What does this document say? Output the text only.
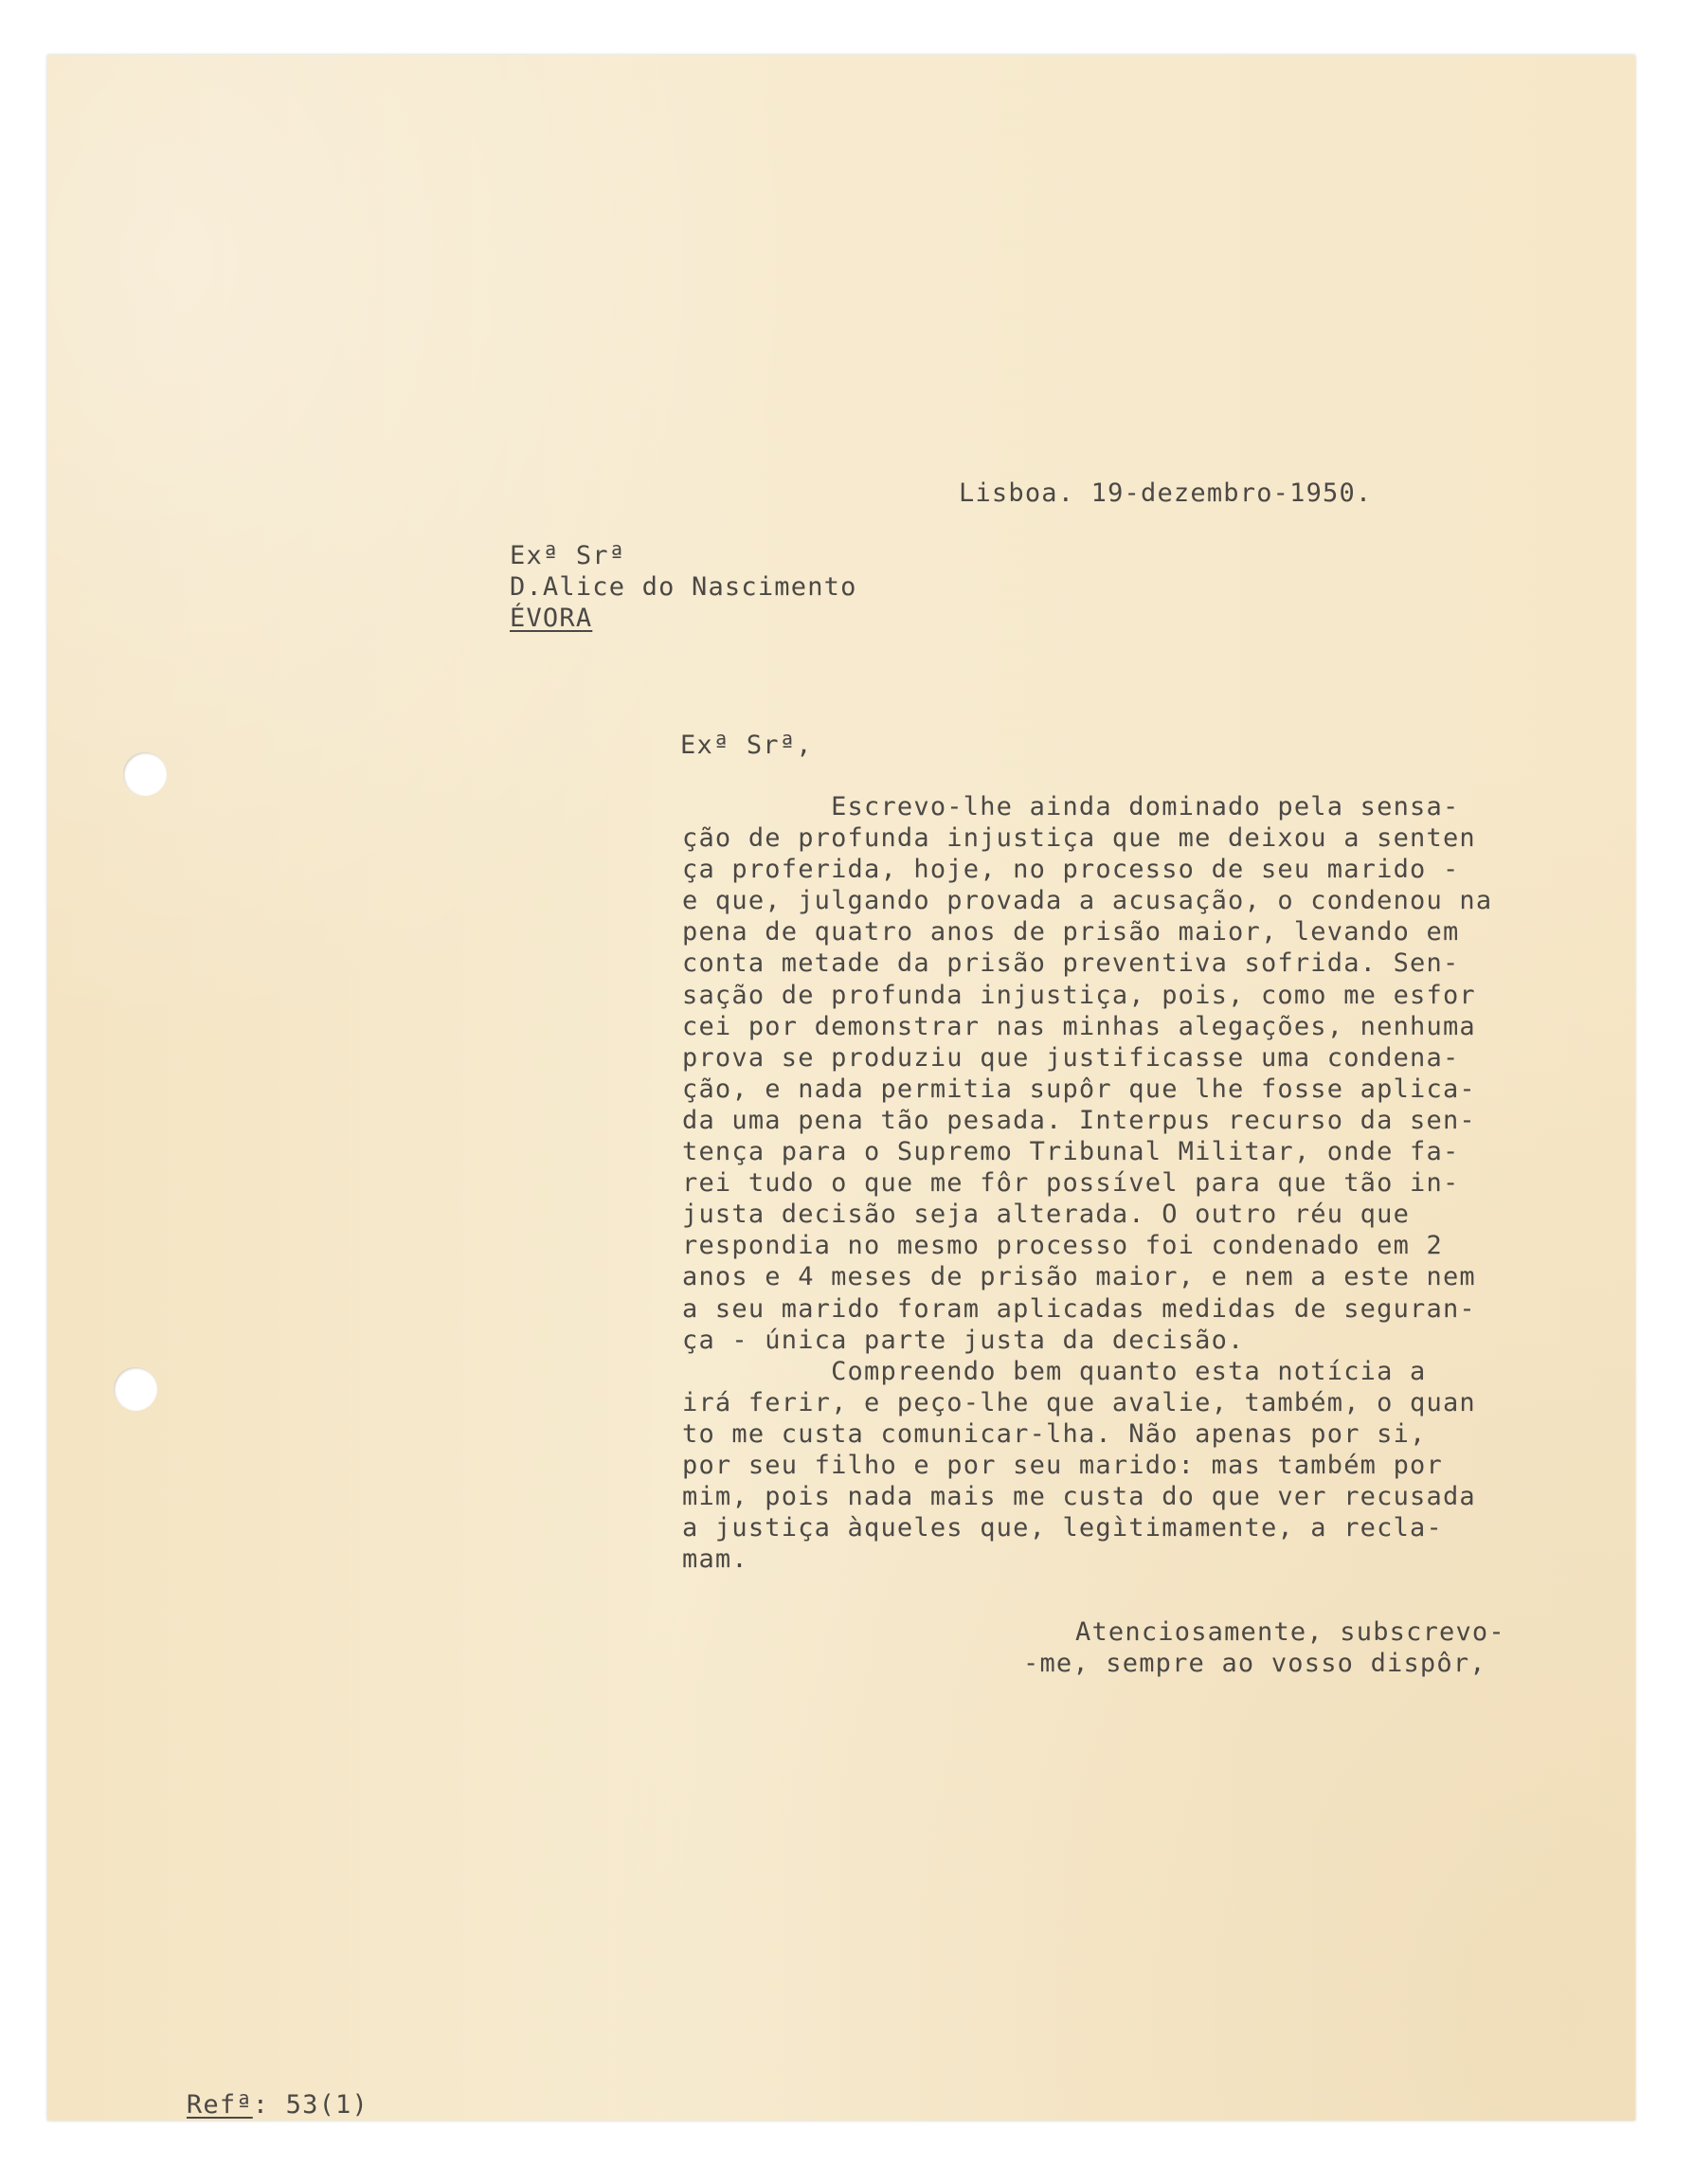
Lisboa. 19-dezembro-1950.
Exª Srª
D.Alice do Nascimento
ÉVORA
Exª Srª,
Escrevo-lhe ainda dominado pela sensa-
ção de profunda injustiça que me deixou a senten
ça proferida, hoje, no processo de seu marido -
e que, julgando provada a acusação, o condenou na
pena de quatro anos de prisão maior, levando em
conta metade da prisão preventiva sofrida. Sen-
sação de profunda injustiça, pois, como me esfor
cei por demonstrar nas minhas alegações, nenhuma
prova se produziu que justificasse uma condena-
ção, e nada permitia supôr que lhe fosse aplica-
da uma pena tão pesada. Interpus recurso da sen-
tença para o Supremo Tribunal Militar, onde fa-
rei tudo o que me fôr possível para que tão in-
justa decisão seja alterada. O outro réu que
respondia no mesmo processo foi condenado em 2
anos e 4 meses de prisão maior, e nem a este nem
a seu marido foram aplicadas medidas de seguran-
ça - única parte justa da decisão.
Compreendo bem quanto esta notícia a
irá ferir, e peço-lhe que avalie, também, o quan
to me custa comunicar-lha. Não apenas por si,
por seu filho e por seu marido: mas também por
mim, pois nada mais me custa do que ver recusada
a justiça àqueles que, legìtimamente, a recla-
mam.
Atenciosamente, subscrevo-
-me, sempre ao vosso dispôr,

Refª: 53(1)
